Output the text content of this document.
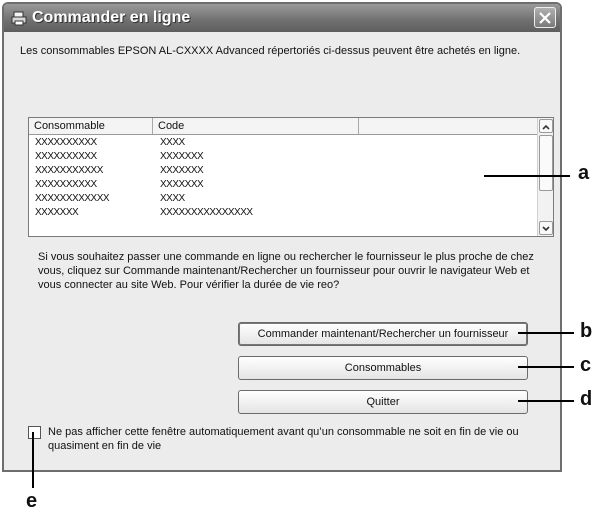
Commander en ligne
Les consommables EPSON AL-CXXXX Advanced répertoriés ci-dessus peuvent être achetés en ligne.
Consommable	Code
XXXXXXXXXX	XXXX
XXXXXXXXXX	XXXXXXX
XXXXXXXXXXX	XXXXXXX
XXXXXXXXXX	XXXXXXX
XXXXXXXXXXXX	XXXX
XXXXXXX	XXXXXXXXXXXXXXX
Si vous souhaitez passer une commande en ligne ou rechercher le fournisseur le plus proche de chez vous, cliquez sur Commande maintenant/Rechercher un fournisseur pour ouvrir le navigateur Web et vous connecter au site Web. Pour vérifier la durée de vie reo?
Commander maintenant/Rechercher un fournisseur
Consommables
Quitter
Ne pas afficher cette fenêtre automatiquement avant qu’un consommable ne soit en fin de vie ou quasiment en fin de vie
a
b
c
d
e
